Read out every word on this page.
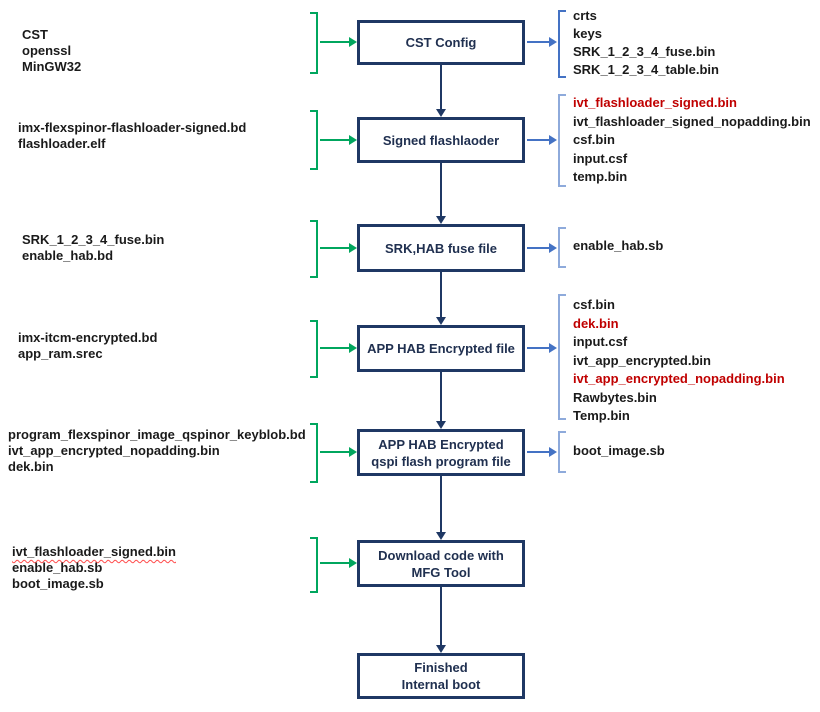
CST
openssl
MinGW32
CST Config
crts
keys
SRK_1_2_3_4_fuse.bin
SRK_1_2_3_4_table.bin
imx-flexspinor-flashloader-signed.bd
flashloader.elf	Signed flashlaoder
ivt_flashloader_signed.bin
ivt_flashloader_signed_nopadding.bin
csf.bin
input.csf
temp.bin
SRK_1_2_3_4_fuse.bin
enable_hab.bd	SRK,HAB fuse file	enable_hab.sb
imx-itcm-encrypted.bd
app_ram.srec	APP HAB Encrypted file
csf.bin
dek.bin
input.csf
ivt_app_encrypted.bin
ivt_app_encrypted_nopadding.bin
Rawbytes.bin
Temp.bin
program_flexspinor_image_qspinor_keyblob.bd
ivt_app_encrypted_nopadding.bin
dek.bin
APP HAB Encrypted
qspi flash program file
boot_image.sb
ivt_flashloader_signed.bin
enable_hab.sb
boot_image.sb
Download code with
MFG Tool
Finished
Internal boot
